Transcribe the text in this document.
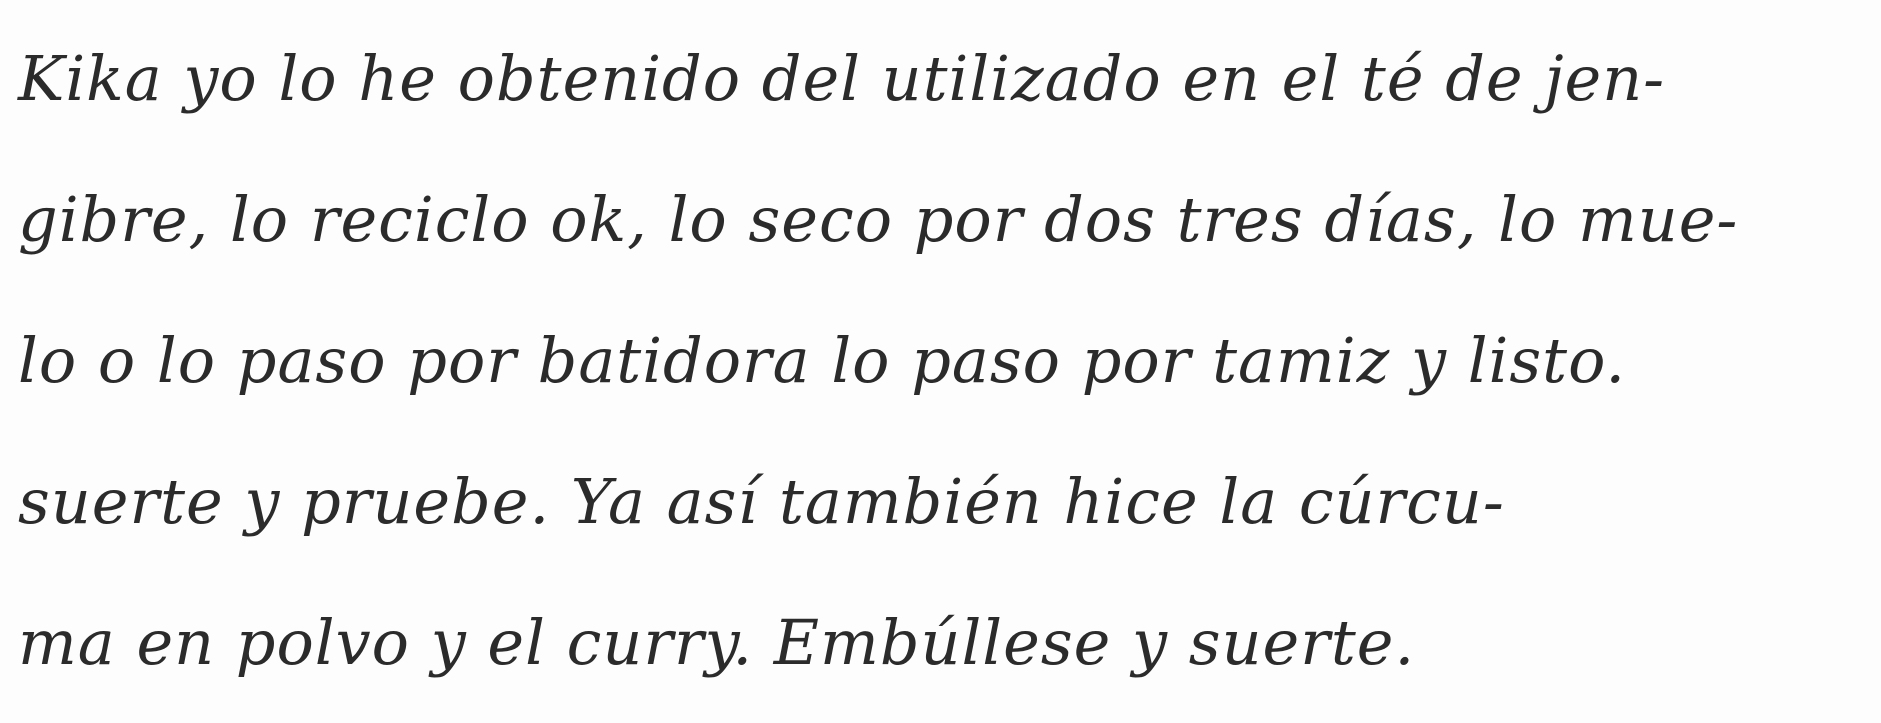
Kika yo lo he obtenido del utilizado en el té de jen-
gibre, lo reciclo ok, lo seco por dos tres días, lo mue-
lo o lo paso por batidora lo paso por tamiz y listo.
suerte y pruebe. Ya así también hice la cúrcu-
ma en polvo y el curry. Embúllese y suerte.
